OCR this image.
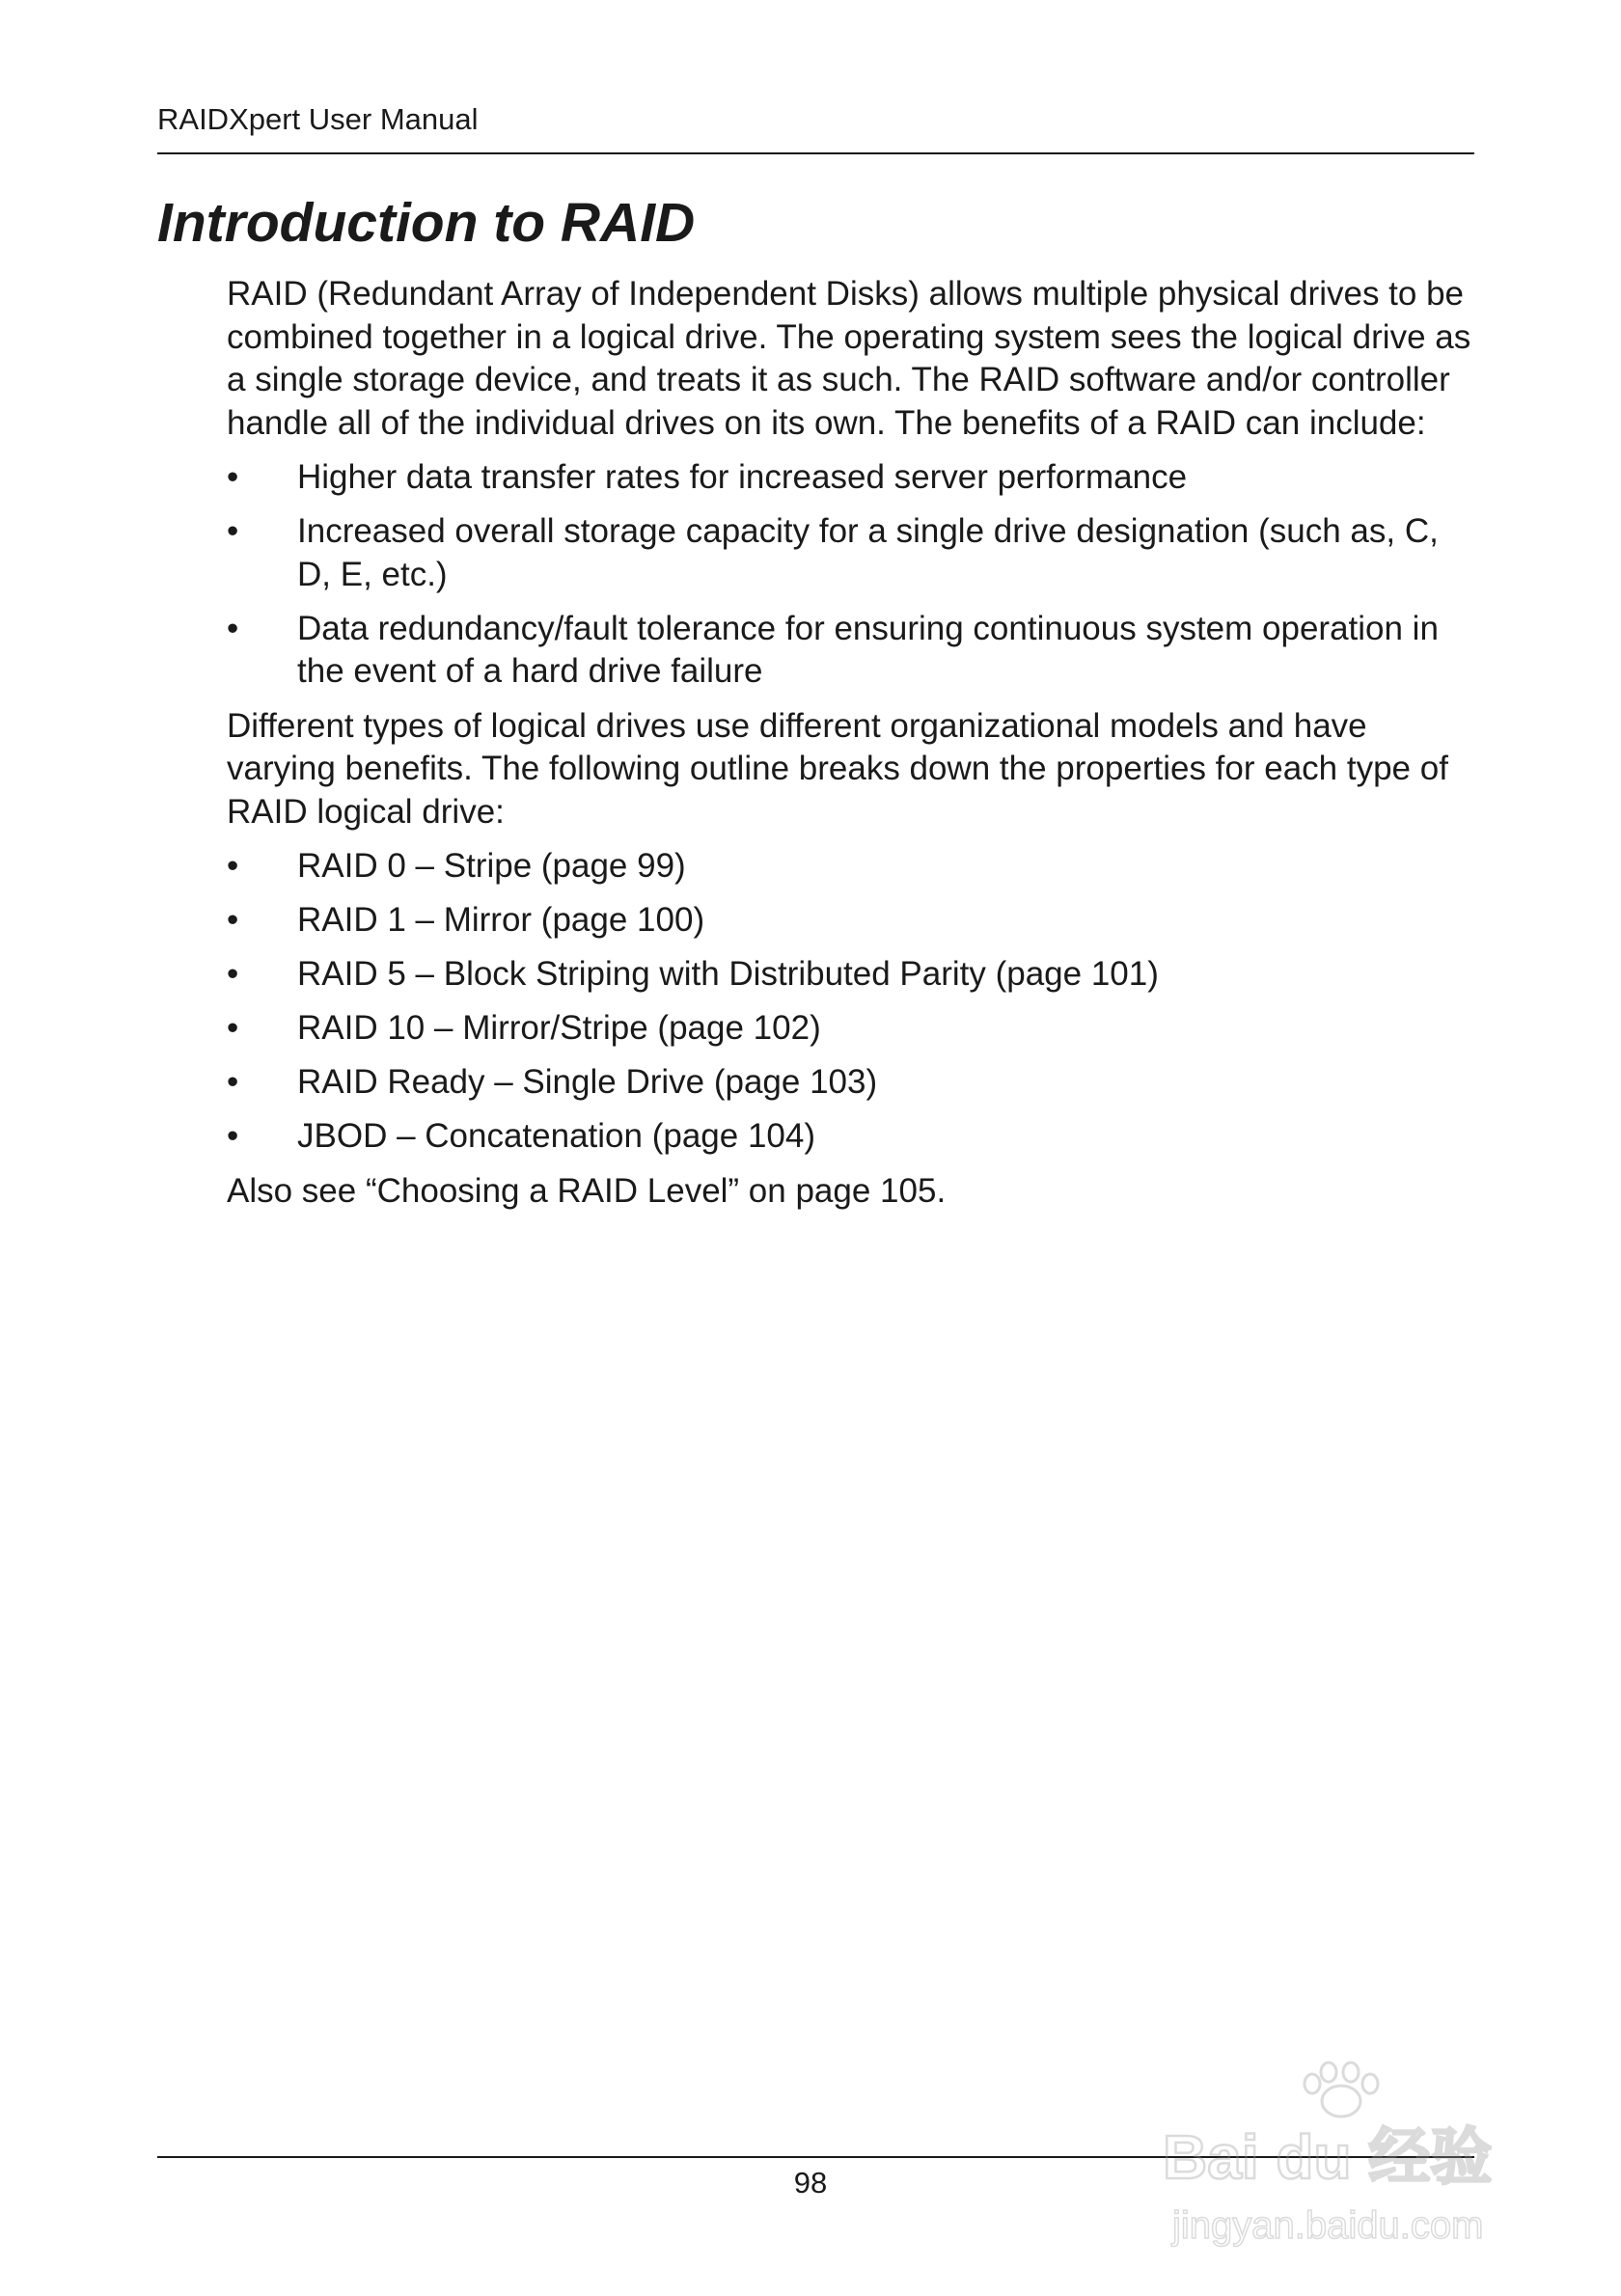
RAIDXpert User Manual
Introduction to RAID

RAID (Redundant Array of Independent Disks) allows multiple physical drives to be combined together in a logical drive. The operating system sees the logical drive as a single storage device, and treats it as such. The RAID software and/or controller handle all of the individual drives on its own. The benefits of a RAID can include:

• Higher data transfer rates for increased server performance
• Increased overall storage capacity for a single drive designation (such as, C, D, E, etc.)
• Data redundancy/fault tolerance for ensuring continuous system operation in the event of a hard drive failure

Different types of logical drives use different organizational models and have varying benefits. The following outline breaks down the properties for each type of RAID logical drive:

• RAID 0 – Stripe (page 99)
• RAID 1 – Mirror (page 100)
• RAID 5 – Block Striping with Distributed Parity (page 101)
• RAID 10 – Mirror/Stripe (page 102)
• RAID Ready – Single Drive (page 103)
• JBOD – Concatenation (page 104)

Also see “Choosing a RAID Level” on page 105.

98	Bai du 经验
jingyan.baidu.com
